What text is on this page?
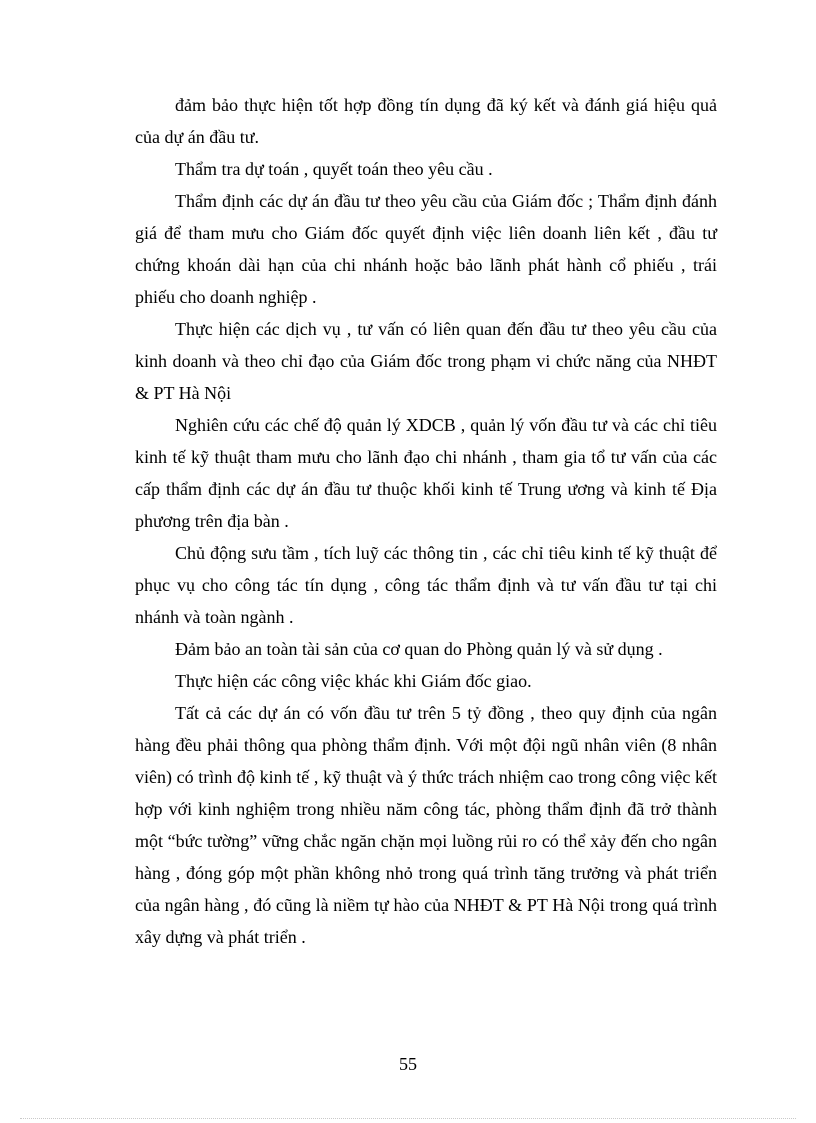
đảm bảo thực hiện tốt hợp đồng tín dụng đã ký kết và đánh giá hiệu quả của dự án đầu tư.

Thẩm tra dự toán , quyết toán theo yêu cầu .

Thẩm định các dự án đầu tư theo yêu cầu của Giám đốc ; Thẩm định đánh giá để tham mưu cho Giám đốc quyết định việc liên doanh liên kết , đầu tư chứng khoán dài hạn của chi nhánh hoặc bảo lãnh phát hành cổ phiếu , trái phiếu cho doanh nghiệp .

Thực hiện các dịch vụ , tư vấn có liên quan đến đầu tư theo yêu cầu của kinh doanh và theo chỉ đạo của Giám đốc trong phạm vi chức năng của NHĐT & PT Hà Nội

Nghiên cứu các chế độ quản lý XDCB , quản lý vốn đầu tư và các chỉ tiêu kinh tế kỹ thuật tham mưu cho lãnh đạo chi nhánh , tham gia tổ tư vấn của các cấp thẩm định các dự án đầu tư thuộc khối kinh tế Trung ương và kinh tế Địa phương trên địa bàn .

Chủ động sưu tầm , tích luỹ các thông tin , các chỉ tiêu kinh tế kỹ thuật để phục vụ cho công tác tín dụng , công tác thẩm định và tư vấn đầu tư tại chi nhánh và toàn ngành .

Đảm bảo an toàn tài sản của cơ quan do Phòng quản lý và sử dụng .

Thực hiện các công việc khác khi Giám đốc giao.

Tất cả các dự án có vốn đầu tư trên 5 tỷ đồng , theo quy định của ngân hàng đều phải thông qua phòng thẩm định. Với một đội ngũ nhân viên (8 nhân viên) có trình độ kinh tế , kỹ thuật và ý thức trách nhiệm cao trong công việc kết hợp với kinh nghiệm trong nhiều năm công tác, phòng thẩm định đã trở thành một “bức tường” vững chắc ngăn chặn mọi luồng rủi ro có thể xảy đến cho ngân hàng , đóng góp một phần không nhỏ trong quá trình tăng trưởng và phát triển của ngân hàng , đó cũng là niềm tự hào của NHĐT & PT Hà Nội trong quá trình xây dựng và phát triển .

55
